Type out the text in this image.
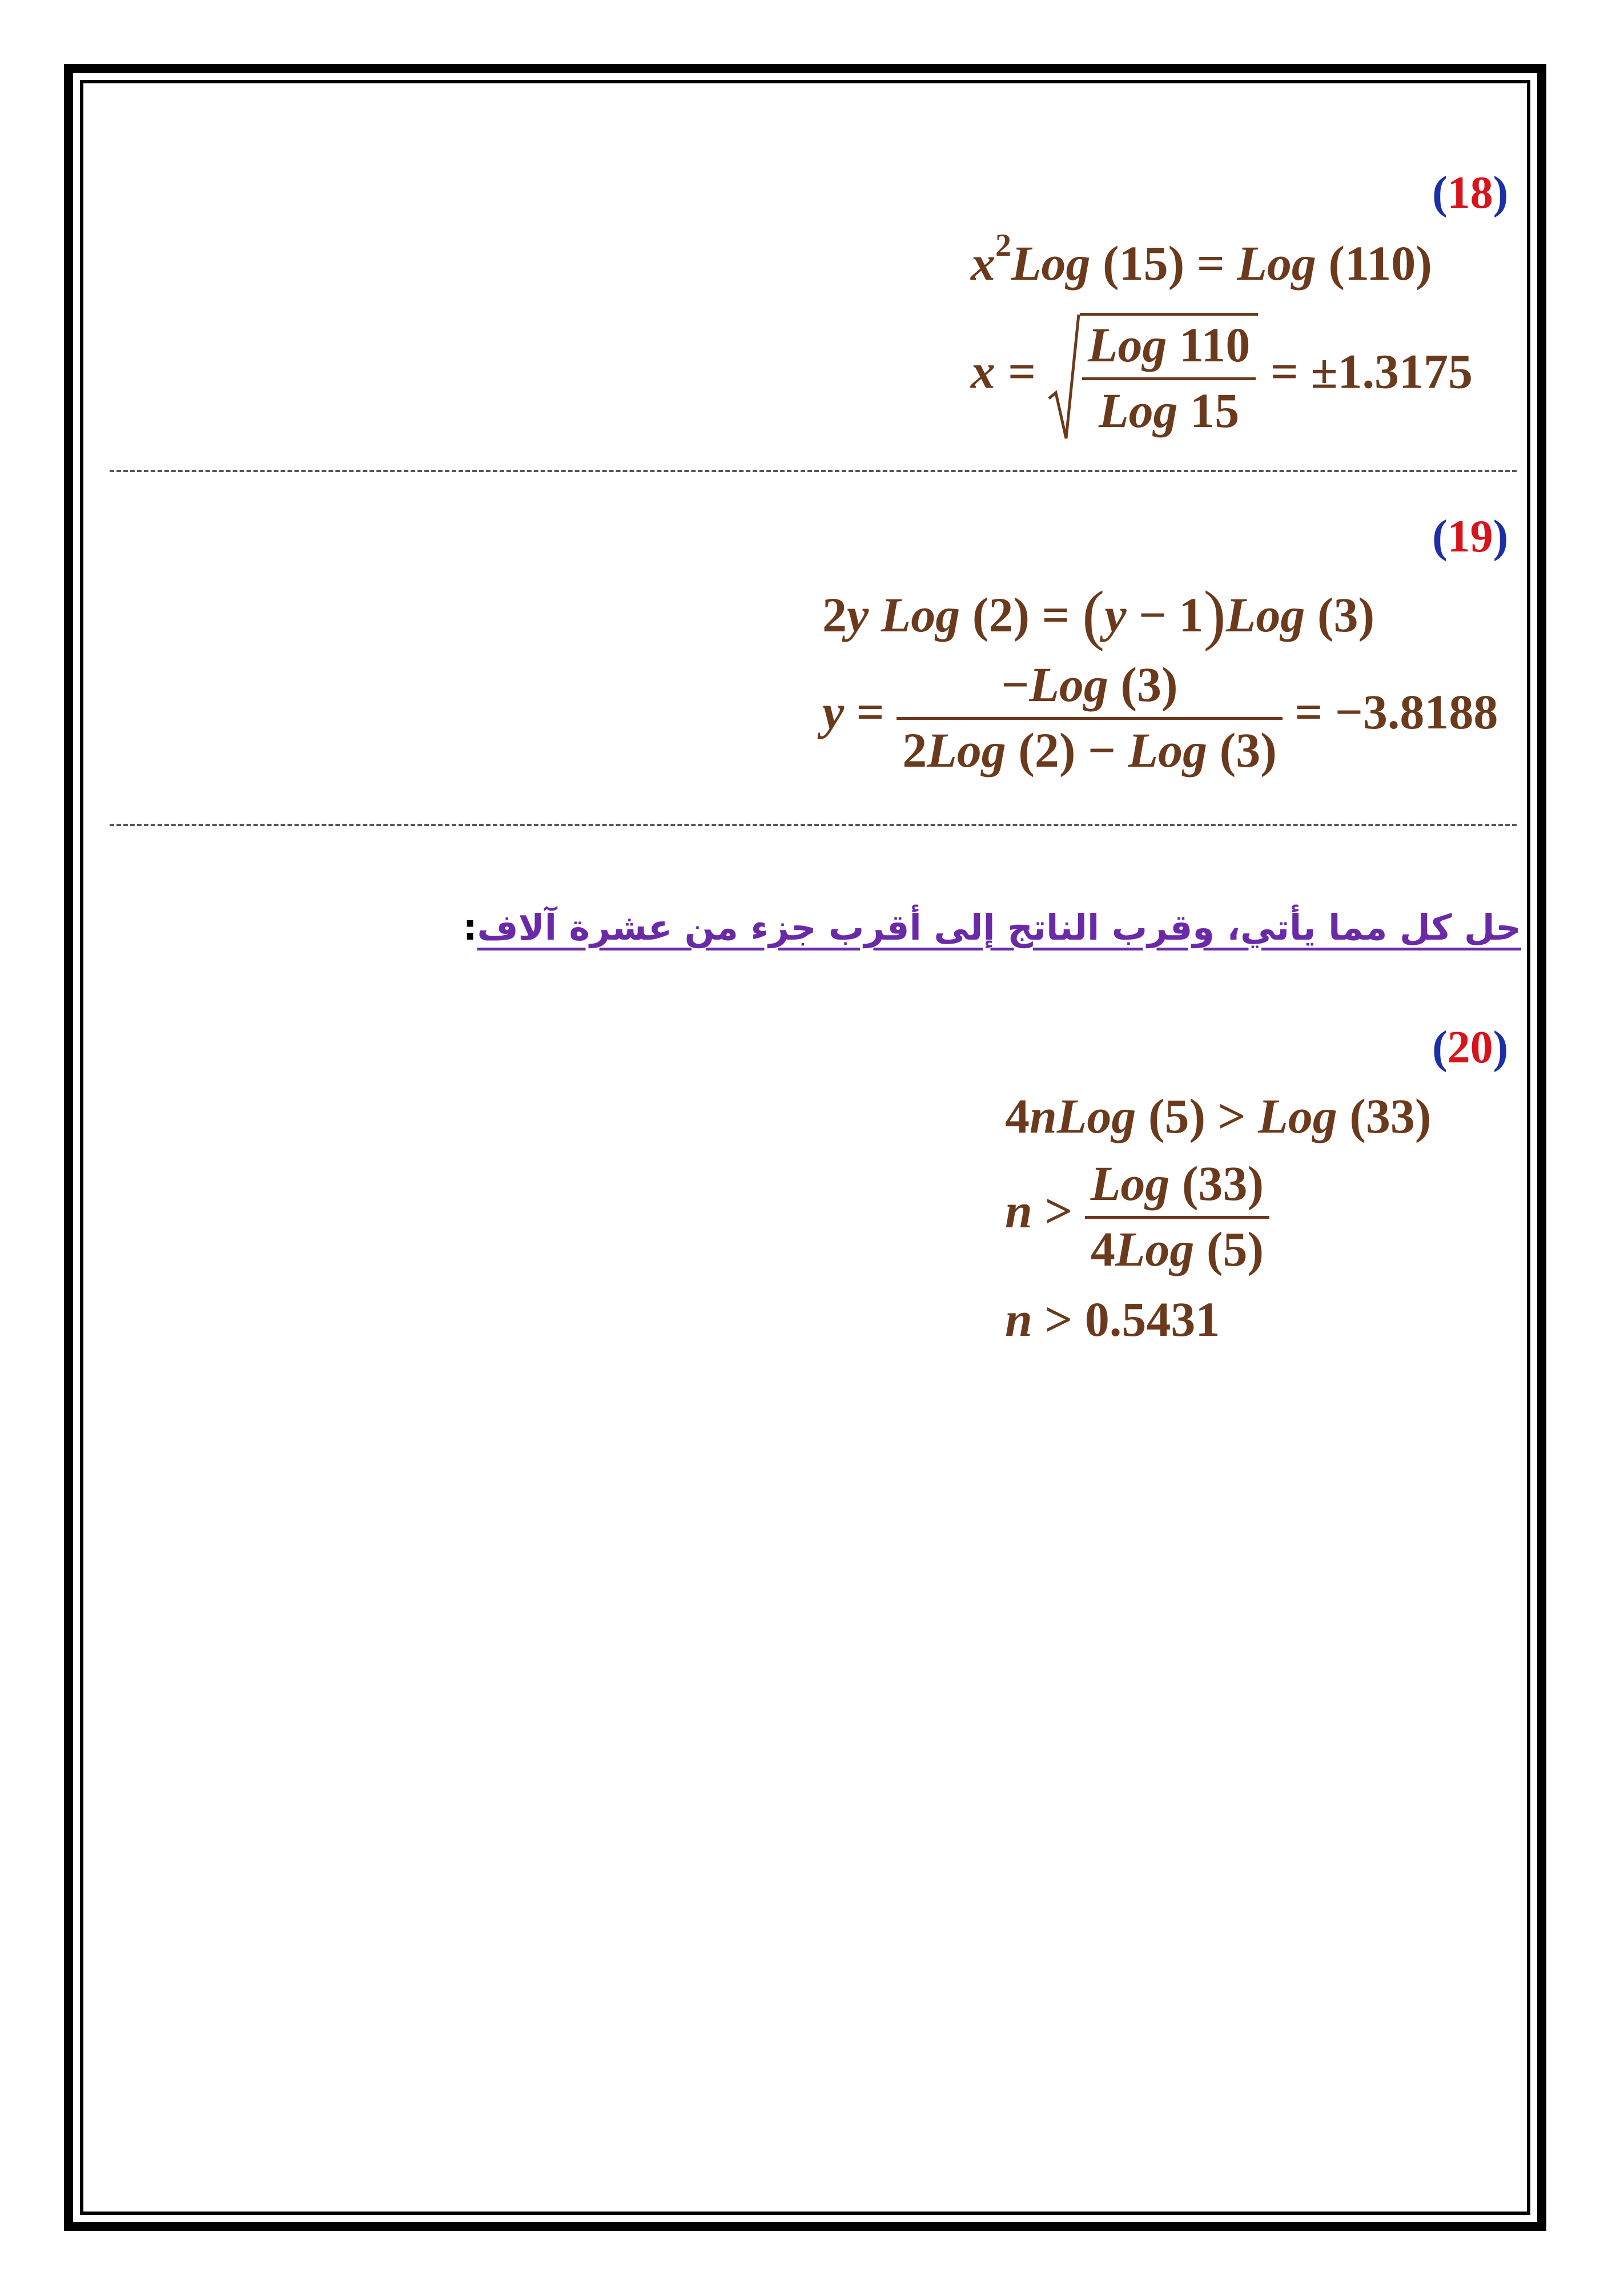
(18)
$x^2Log$ (15) = Log (110)
$x = \frac{\text{Log 110}}{\text{Log 15}} = \pm 1.3175$
(19)
2y Log (2) = (y − 1)Log (3)
$y = \frac{\text{−Log (3)}}{\text{2Log (2) − Log (3)}} = -3.8188$
حل كل مما يأتي، وقرب الناتج إلى أقرب جزء من عشرة آلاف:
(20)
4nLog (5) > Log (33)
$n > \frac{\text{Log (33)}}{\text{4Log (5)}}$
n > 0.5431
